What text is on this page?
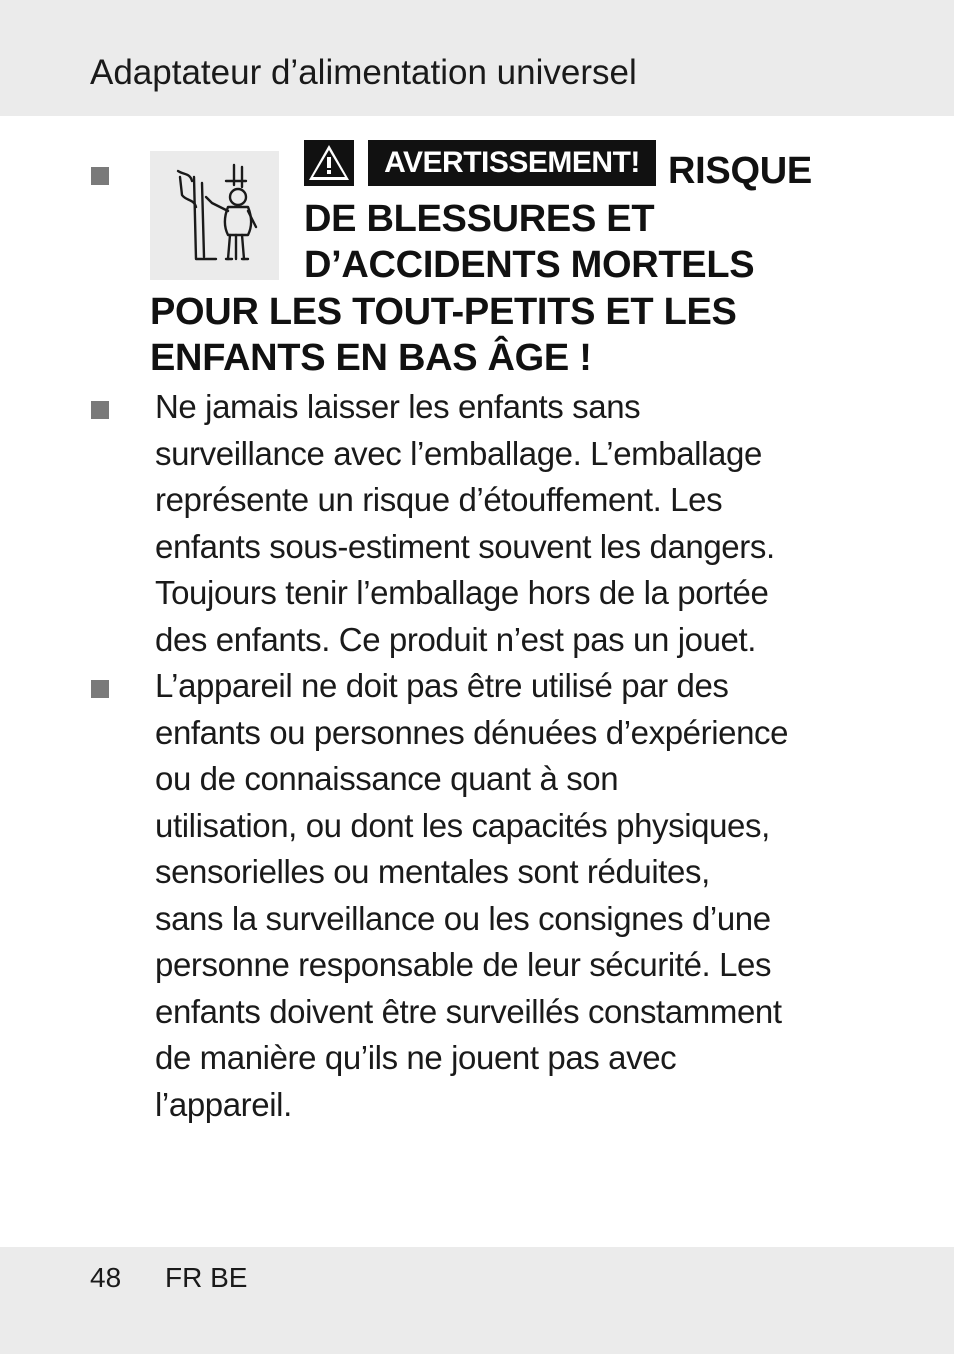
Adaptateur d’alimentation universel
AVERTISSEMENT! RISQUE
DE BLESSURES ET
D’ACCIDENTS MORTELS
POUR LES TOUT-PETITS ET LES
ENFANTS EN BAS ÂGE !
Ne jamais laisser les enfants sans
surveillance avec l’emballage. L’emballage
représente un risque d’étouffement. Les
enfants sous-estiment souvent les dangers.
Toujours tenir l’emballage hors de la portée
des enfants. Ce produit n’est pas un jouet.
L’appareil ne doit pas être utilisé par des
enfants ou personnes dénuées d’expérience
ou de connaissance quant à son
utilisation, ou dont les capacités physiques,
sensorielles ou mentales sont réduites,
sans la surveillance ou les consignes d’une
personne responsable de leur sécurité. Les
enfants doivent être surveillés constamment
de manière qu’ils ne jouent pas avec
l’appareil.
48 FR BE
